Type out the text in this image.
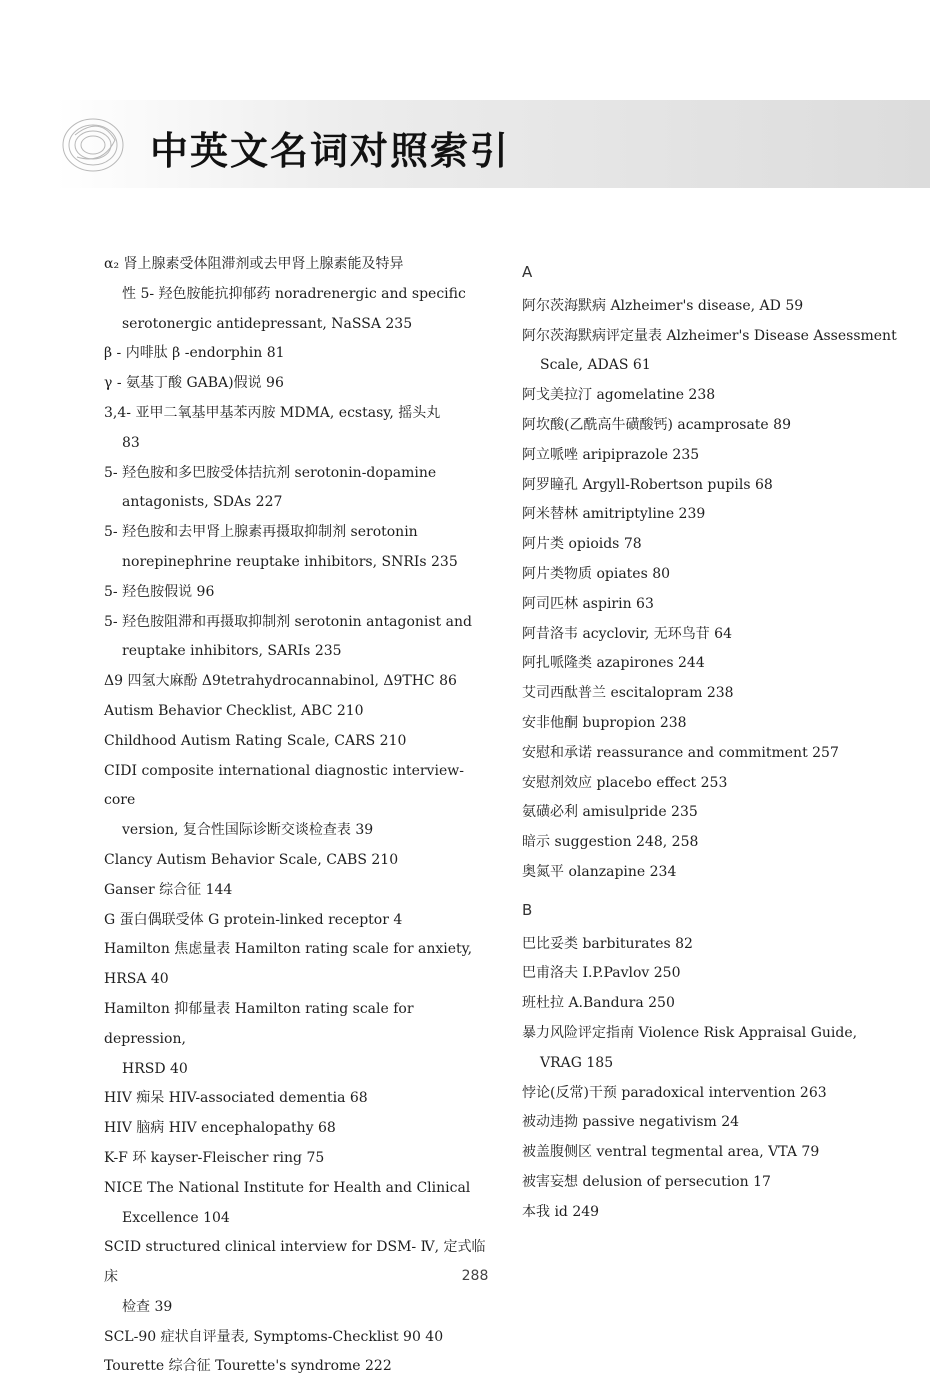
中英文名词对照索引
α₂ 肾上腺素受体阻滞剂或去甲肾上腺素能及特异
性 5- 羟色胺能抗抑郁药 noradrenergic and specific
serotonergic antidepressant, NaSSA 235
β - 内啡肽 β -endorphin 81
γ - 氨基丁酸 GABA)假说 96
3,4- 亚甲二氧基甲基苯丙胺 MDMA, ecstasy, 摇头丸
83
5- 羟色胺和多巴胺受体拮抗剂 serotonin-dopamine
antagonists, SDAs 227
5- 羟色胺和去甲肾上腺素再摄取抑制剂 serotonin
norepinephrine reuptake inhibitors, SNRIs 235
5- 羟色胺假说 96
5- 羟色胺阻滞和再摄取抑制剂 serotonin antagonist and
reuptake inhibitors, SARIs 235
Δ9 四氢大麻酚 Δ9tetrahydrocannabinol, Δ9THC 86
Autism Behavior Checklist, ABC 210
Childhood Autism Rating Scale, CARS 210
CIDI composite international diagnostic interview-core
version, 复合性国际诊断交谈检查表 39
Clancy Autism Behavior Scale, CABS 210
Ganser 综合征 144
G 蛋白偶联受体 G protein-linked receptor 4
Hamilton 焦虑量表 Hamilton rating scale for anxiety, HRSA 40
Hamilton 抑郁量表 Hamilton rating scale for depression,
HRSD 40
HIV 痴呆 HIV-associated dementia 68
HIV 脑病 HIV encephalopathy 68
K-F 环 kayser-Fleischer ring 75
NICE The National Institute for Health and Clinical
Excellence 104
SCID structured clinical interview for DSM- Ⅳ, 定式临床
检查 39
SCL-90 症状自评量表, Symptoms-Checklist 90 40
Tourette 综合征 Tourette's syndrome 222
A
阿尔茨海默病 Alzheimer's disease, AD 59
阿尔茨海默病评定量表 Alzheimer's Disease Assessment
Scale, ADAS 61
阿戈美拉汀 agomelatine 238
阿坎酸(乙酰高牛磺酸钙) acamprosate 89
阿立哌唑 aripiprazole 235
阿罗瞳孔 Argyll-Robertson pupils 68
阿米替林 amitriptyline 239
阿片类 opioids 78
阿片类物质 opiates 80
阿司匹林 aspirin 63
阿昔洛韦 acyclovir, 无环鸟苷 64
阿扎哌隆类 azapirones 244
艾司西酞普兰 escitalopram 238
安非他酮 bupropion 238
安慰和承诺 reassurance and commitment 257
安慰剂效应 placebo effect 253
氨磺必利 amisulpride 235
暗示 suggestion 248, 258
奥氮平 olanzapine 234
B
巴比妥类 barbiturates 82
巴甫洛夫 I.P.Pavlov 250
班杜拉 A.Bandura 250
暴力风险评定指南 Violence Risk Appraisal Guide,
VRAG 185
悖论(反常)干预 paradoxical intervention 263
被动违拗 passive negativism 24
被盖腹侧区 ventral tegmental area, VTA 79
被害妄想 delusion of persecution 17
本我 id 249
288
